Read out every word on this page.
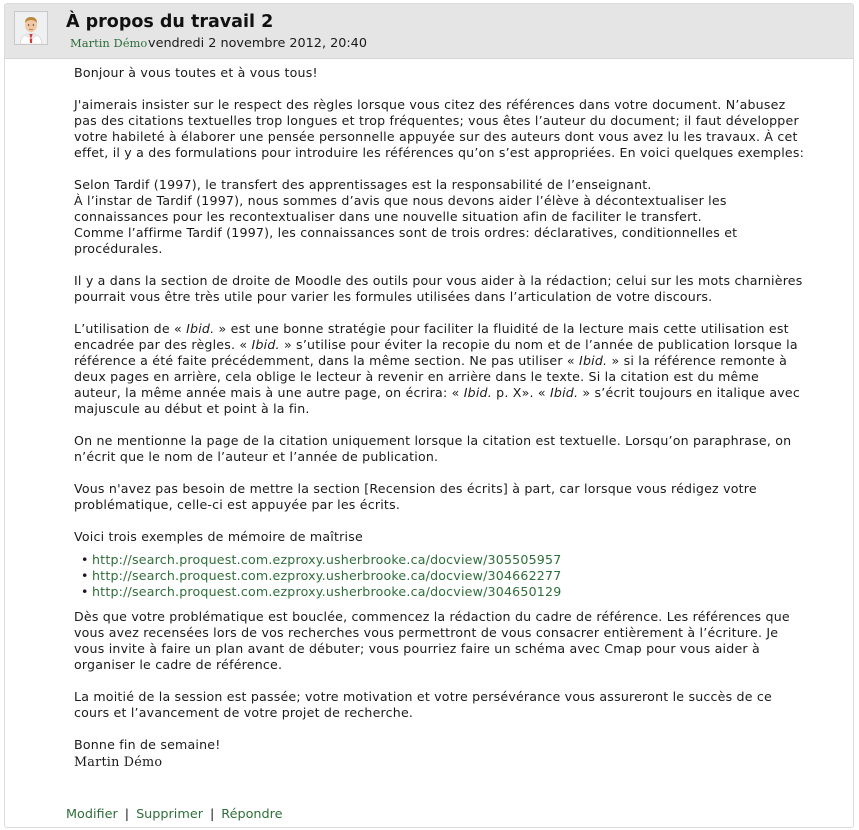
À propos du travail 2
Martin Démo vendredi 2 novembre 2012, 20:40

Bonjour à vous toutes et à vous tous!

J'aimerais insister sur le respect des règles lorsque vous citez des références dans votre document. N’abusez pas des citations textuelles trop longues et trop fréquentes; vous êtes l’auteur du document; il faut développer votre habileté à élaborer une pensée personnelle appuyée sur des auteurs dont vous avez lu les travaux. À cet effet, il y a des formulations pour introduire les références qu’on s’est appropriées. En voici quelques exemples:

Selon Tardif (1997), le transfert des apprentissages est la responsabilité de l’enseignant.
À l’instar de Tardif (1997), nous sommes d’avis que nous devons aider l’élève à décontextualiser les connaissances pour les recontextualiser dans une nouvelle situation afin de faciliter le transfert.
Comme l’affirme Tardif (1997), les connaissances sont de trois ordres: déclaratives, conditionnelles et procédurales.

Il y a dans la section de droite de Moodle des outils pour vous aider à la rédaction; celui sur les mots charnières pourrait vous être très utile pour varier les formules utilisées dans l’articulation de votre discours.

L’utilisation de « Ibid. » est une bonne stratégie pour faciliter la fluidité de la lecture mais cette utilisation est encadrée par des règles. « Ibid. » s’utilise pour éviter la recopie du nom et de l’année de publication lorsque la référence a été faite précédemment, dans la même section. Ne pas utiliser « Ibid. » si la référence remonte à deux pages en arrière, cela oblige le lecteur à revenir en arrière dans le texte. Si la citation est du même auteur, la même année mais à une autre page, on écrira: « Ibid. p. X». « Ibid. » s’écrit toujours en italique avec majuscule au début et point à la fin.

On ne mentionne la page de la citation uniquement lorsque la citation est textuelle. Lorsqu’on paraphrase, on n’écrit que le nom de l’auteur et l’année de publication.

Vous n'avez pas besoin de mettre la section [Recension des écrits] à part, car lorsque vous rédigez votre problématique, celle-ci est appuyée par les écrits.

Voici trois exemples de mémoire de maîtrise

• http://search.proquest.com.ezproxy.usherbrooke.ca/docview/305505957
• http://search.proquest.com.ezproxy.usherbrooke.ca/docview/304662277
• http://search.proquest.com.ezproxy.usherbrooke.ca/docview/304650129

Dès que votre problématique est bouclée, commencez la rédaction du cadre de référence. Les références que vous avez recensées lors de vos recherches vous permettront de vous consacrer entièrement à l’écriture. Je vous invite à faire un plan avant de débuter; vous pourriez faire un schéma avec Cmap pour vous aider à organiser le cadre de référence.

La moitié de la session est passée; votre motivation et votre persévérance vous assureront le succès de ce cours et l’avancement de votre projet de recherche.

Bonne fin de semaine!

Martin Démo
Modifier | Supprimer | Répondre
